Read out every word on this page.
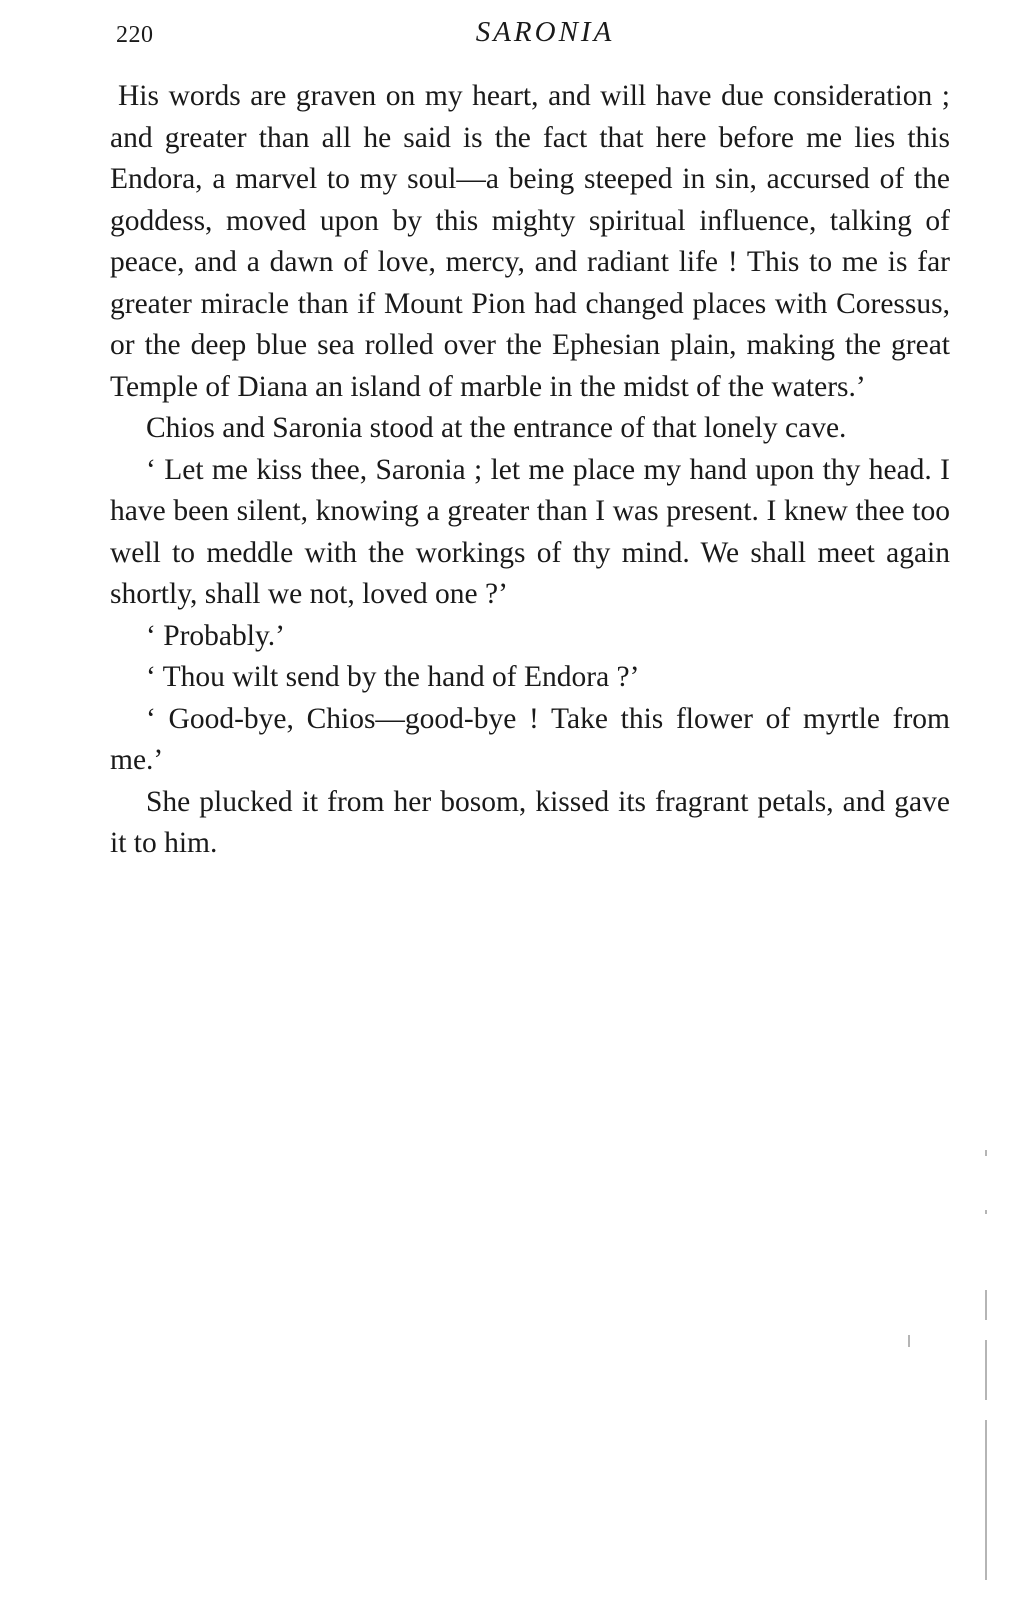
220	SARONIA

His words are graven on my heart, and will have due consideration ; and greater than all he said is the fact that here before me lies this Endora, a marvel to my soul—a being steeped in sin, accursed of the goddess, moved upon by this mighty spiritual influence, talking of peace, and a dawn of love, mercy, and radiant life ! This to me is far greater miracle than if Mount Pion had changed places with Coressus, or the deep blue sea rolled over the Ephesian plain, making the great Temple of Diana an island of marble in the midst of the waters.’

Chios and Saronia stood at the entrance of that lonely cave.

‘ Let me kiss thee, Saronia ; let me place my hand upon thy head. I have been silent, knowing a greater than I was present. I knew thee too well to meddle with the workings of thy mind. We shall meet again shortly, shall we not, loved one ?’

‘ Probably.’

‘ Thou wilt send by the hand of Endora ?’

‘ Good-bye, Chios—good-bye ! Take this flower of myrtle from me.’

She plucked it from her bosom, kissed its fragrant petals, and gave it to him.
